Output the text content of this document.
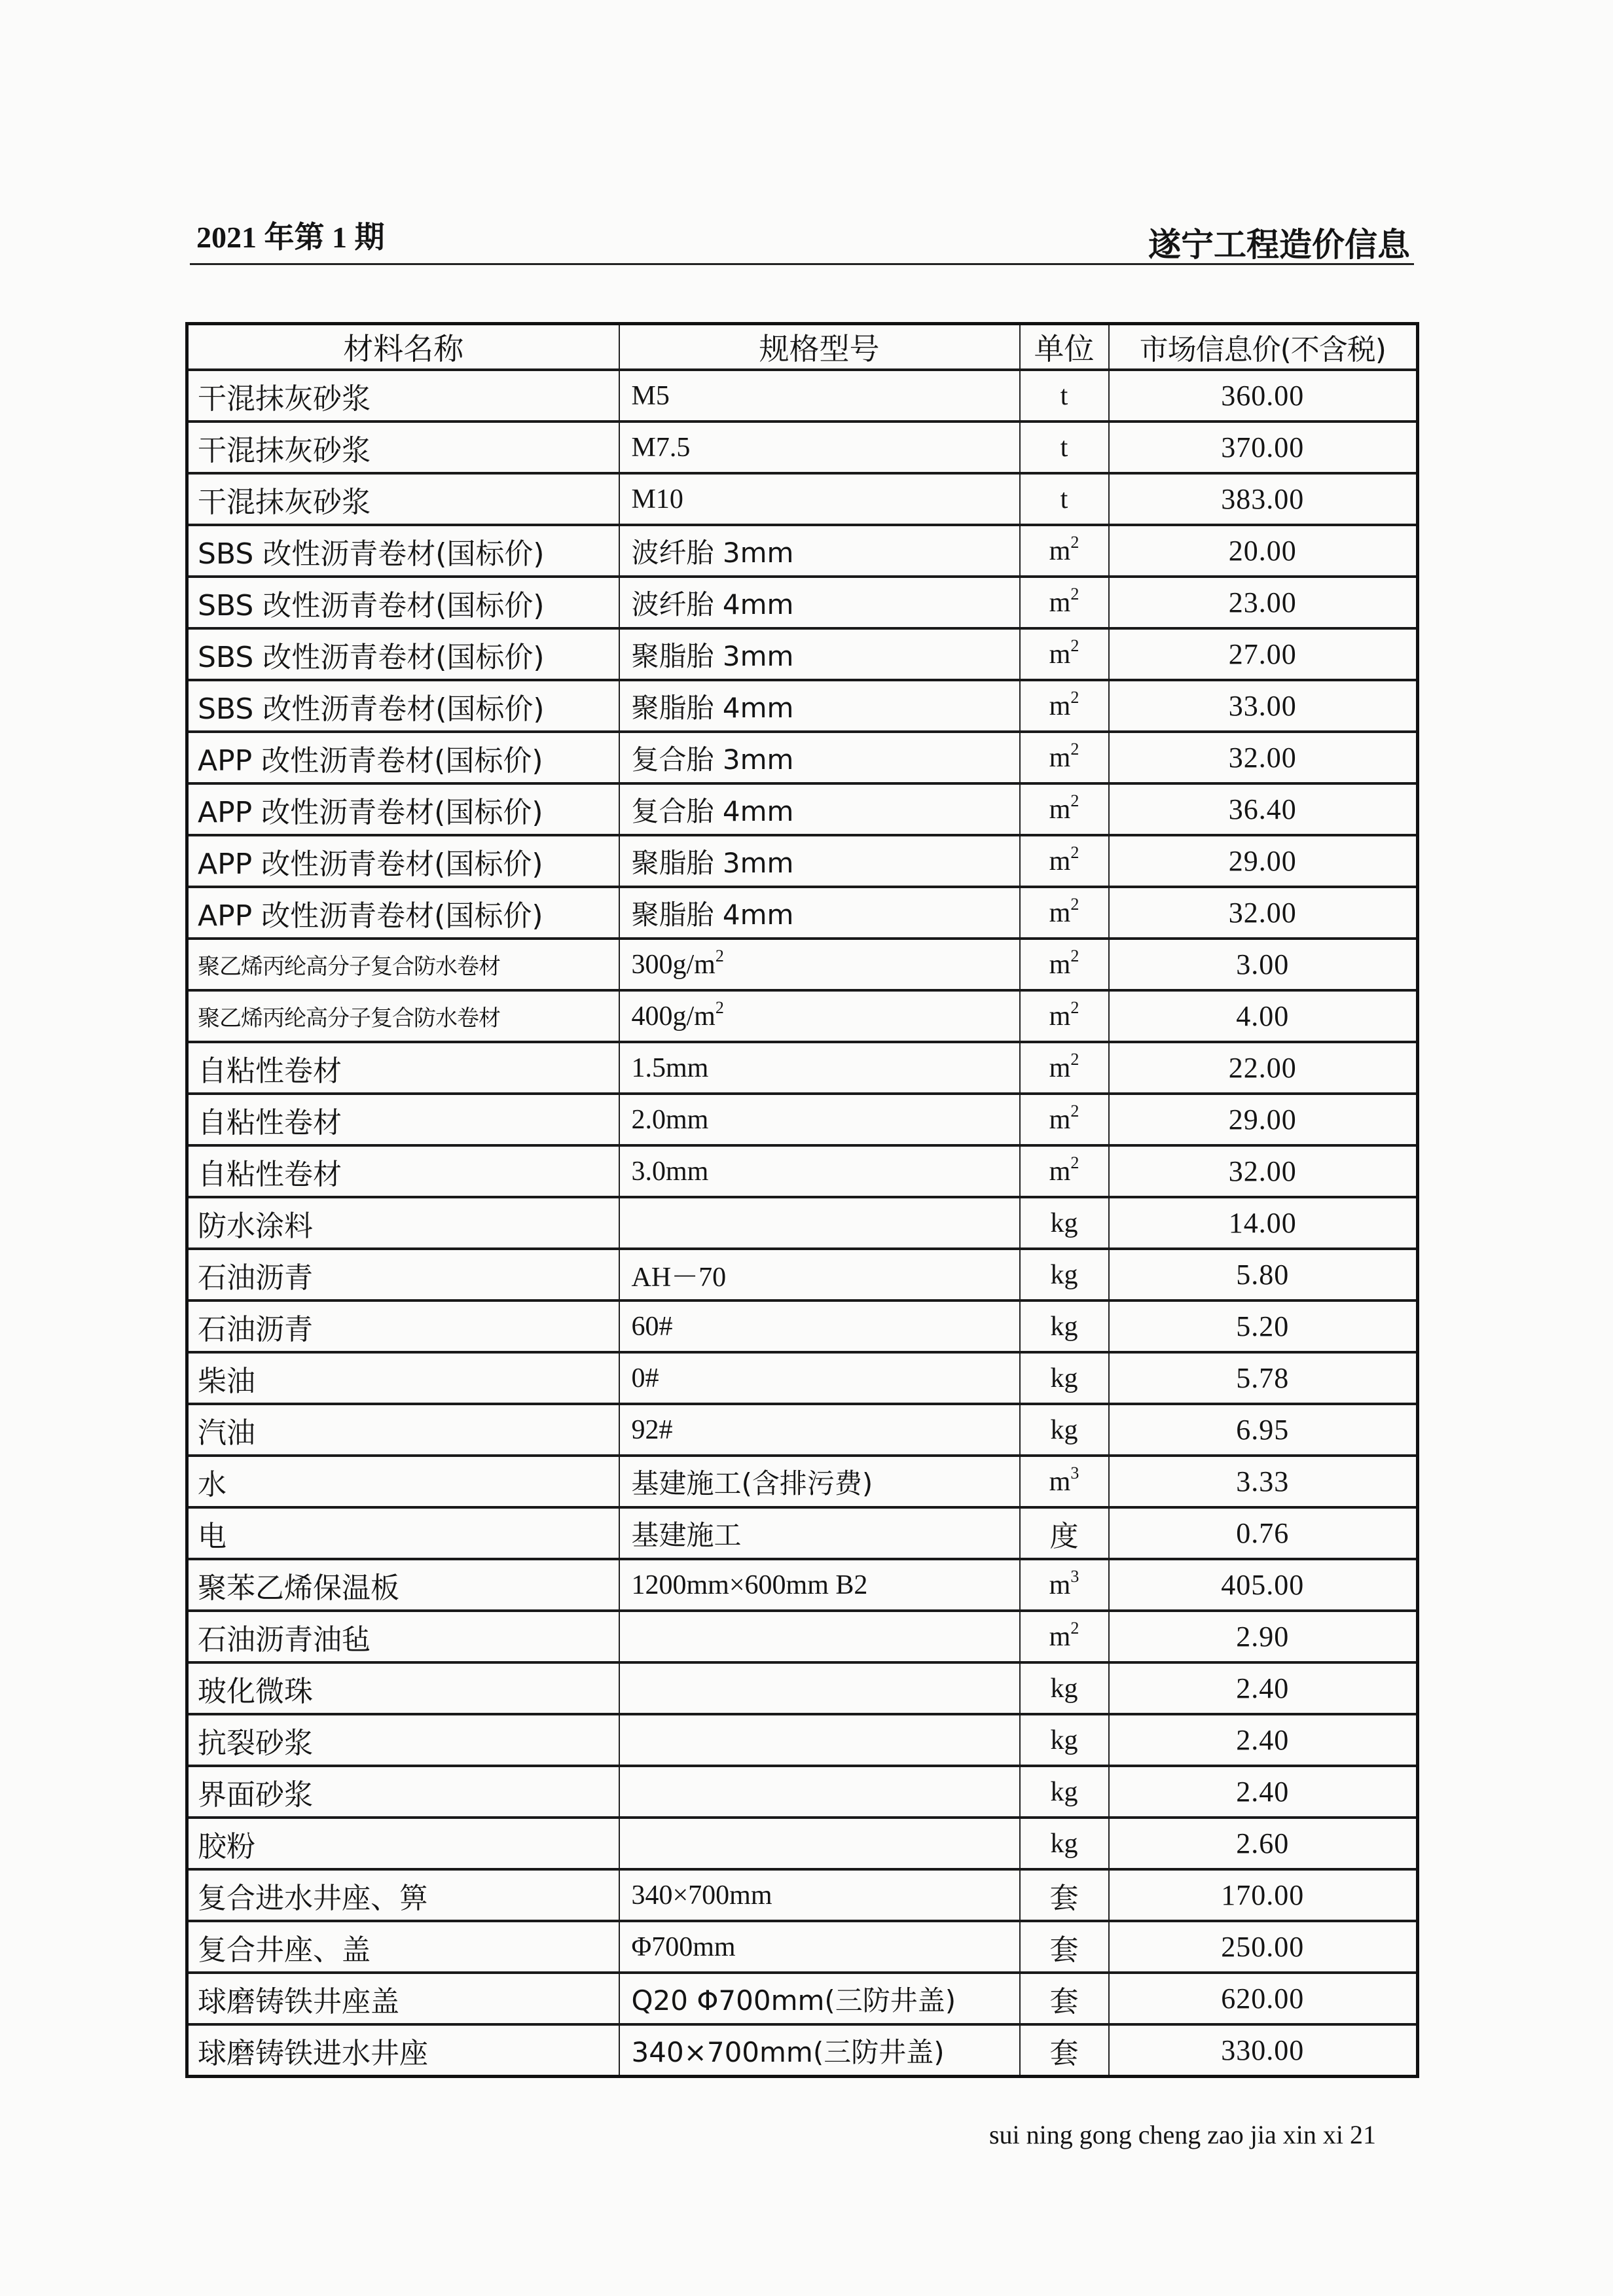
2021 年第 1 期	遂宁工程造价信息
材料名称	规格型号	单位	市场信息价(不含税)
干混抹灰砂浆	M5	t	360.00
干混抹灰砂浆	M7.5	t	370.00
干混抹灰砂浆	M10	t	383.00
SBS 改性沥青卷材(国标价)	波纤胎 3mm	$m^2$	20.00
SBS 改性沥青卷材(国标价)	波纤胎 4mm	$m^2$	23.00
SBS 改性沥青卷材(国标价)	聚脂胎 3mm	$m^2$	27.00
SBS 改性沥青卷材(国标价)	聚脂胎 4mm	$m^2$	33.00
APP 改性沥青卷材(国标价)	复合胎 3mm	$m^2$	32.00
APP 改性沥青卷材(国标价)	复合胎 4mm	$m^2$	36.40
APP 改性沥青卷材(国标价)	聚脂胎 3mm	$m^2$	29.00
APP 改性沥青卷材(国标价)	聚脂胎 4mm	$m^2$	32.00
聚乙烯丙纶高分子复合防水卷材	$300g/m^2$	$m^2$	3.00
聚乙烯丙纶高分子复合防水卷材	$400g/m^2$	$m^2$	4.00
自粘性卷材	1.5mm	$m^2$	22.00
自粘性卷材	2.0mm	$m^2$	29.00
自粘性卷材	3.0mm	$m^2$	32.00
防水涂料		kg	14.00
石油沥青	AH－70	kg	5.80
石油沥青	60#	kg	5.20
柴油	0#	kg	5.78
汽油	92#	kg	6.95
水	基建施工(含排污费)	$m^3$	3.33
电	基建施工	度	0.76
聚苯乙烯保温板	1200mm×600mm B2	$m^3$	405.00
石油沥青油毡		$m^2$	2.90
玻化微珠		kg	2.40
抗裂砂浆		kg	2.40
界面砂浆		kg	2.40
胶粉		kg	2.60
复合进水井座、箅	340×700mm	套	170.00
复合井座、盖	Φ700mm	套	250.00
球磨铸铁井座盖	Q20 Φ700mm(三防井盖)	套	620.00
球磨铸铁进水井座	340×700mm(三防井盖)	套	330.00
sui ning gong cheng zao jia xin xi 21
